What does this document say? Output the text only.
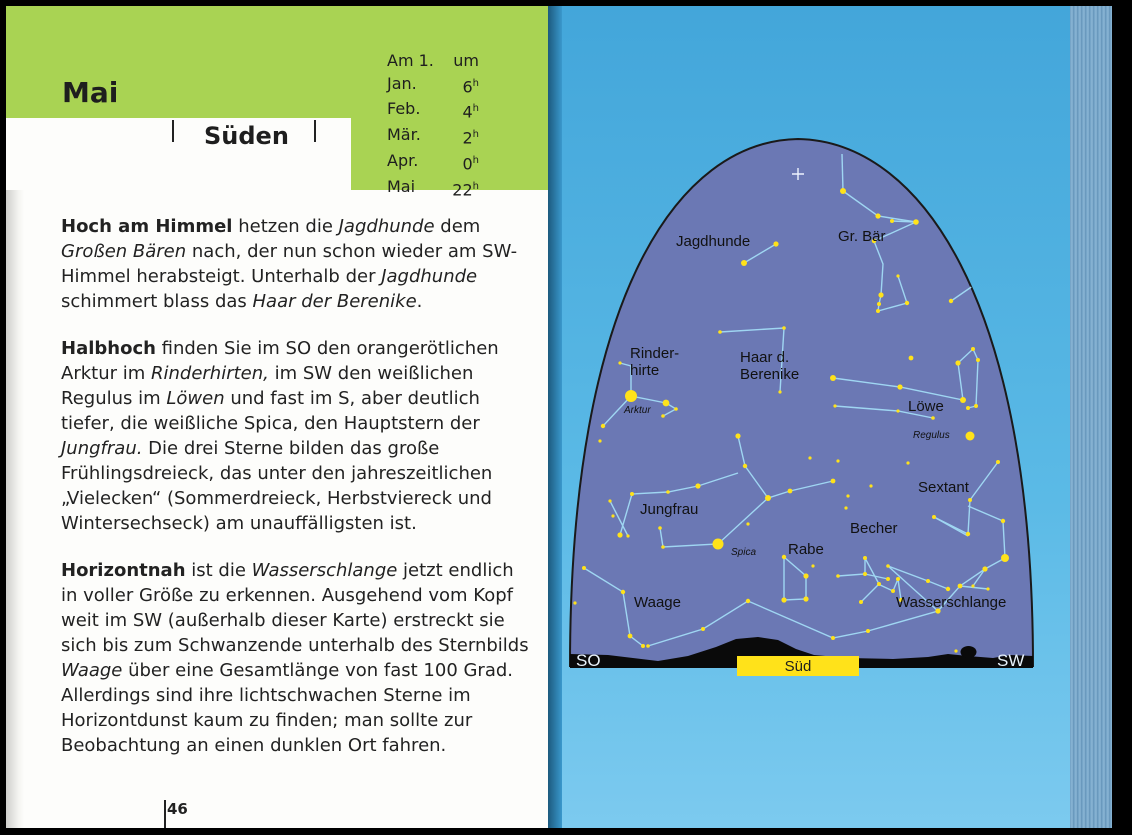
Mai
Süden
Am 1.	um
Jan.	6$^h$
Feb.	4$^h$
Mär.	2$^h$
Apr.	0$^h$
Mai	22$^h$

Hoch am Himmel hetzen die Jagdhunde dem Großen Bären nach, der nun schon wieder am SW-Himmel herabsteigt. Unterhalb der Jagdhunde schimmert blass das Haar der Berenike.

Halbhoch finden Sie im SO den orangerötlichen Arktur im Rinderhirten, im SW den weißlichen Regulus im Löwen und fast im S, aber deutlich tiefer, die weißliche Spica, den Hauptstern der Jungfrau. Die drei Sterne bilden das große Frühlingsdreieck, das unter den jahreszeitlichen „Vielecken“ (Sommerdreieck, Herbstviereck und Wintersechseck) am unauffälligsten ist.

Horizontnah ist die Wasserschlange jetzt endlich in voller Größe zu erkennen. Ausgehend vom Kopf weit im SW (außerhalb dieser Karte) erstreckt sie sich bis zum Schwanzende unterhalb des Sternbilds Waage über eine Gesamtlänge von fast 100 Grad. Allerdings sind ihre lichtschwachen Sterne im Horizontdunst kaum zu finden; man sollte zur Beobachtung an einen dunklen Ort fahren.

46
Süd
SO	SW
Jagdhunde	Gr. Bär
Rinder-hirte
Haar d. Berenike
Löwe
Sextant
Jungfrau
Becher
Rabe
Waage	Wasserschlange
Arktur
Regulus
Spica
